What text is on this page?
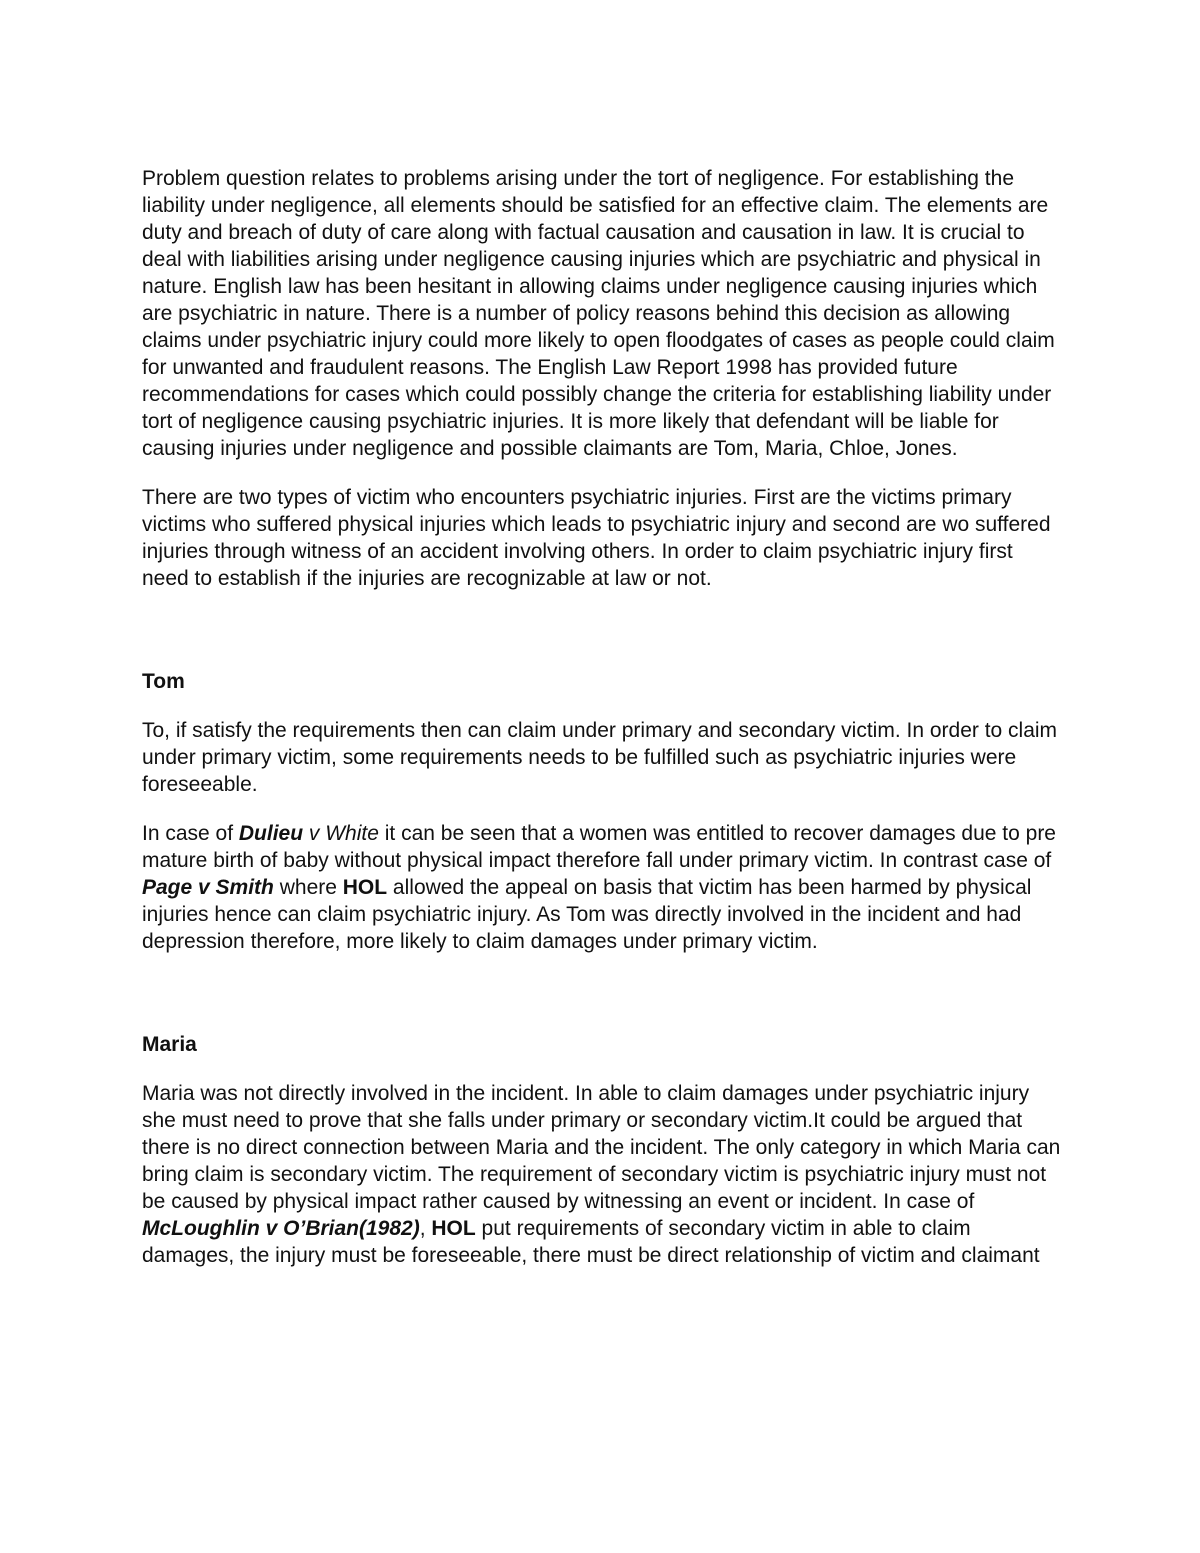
Problem question relates to problems arising under the tort of negligence. For establishing the liability under negligence, all elements should be satisfied for an effective claim. The elements are duty and breach of duty of care along with factual causation and causation in law. It is crucial to deal with liabilities arising under negligence causing injuries which are psychiatric and physical in nature. English law has been hesitant in allowing claims under negligence causing injuries which are psychiatric in nature. There is a number of policy reasons behind this decision as allowing claims under psychiatric injury could more likely to open floodgates of cases as people could claim for unwanted and fraudulent reasons. The English Law Report 1998 has provided future recommendations for cases which could possibly change the criteria for establishing liability under tort of negligence causing psychiatric injuries. It is more likely that defendant will be liable for causing injuries under negligence and possible claimants are Tom, Maria, Chloe, Jones.

There are two types of victim who encounters psychiatric injuries. First are the victims primary victims who suffered physical injuries which leads to psychiatric injury and second are wo suffered injuries through witness of an accident involving others. In order to claim psychiatric injury first need to establish if the injuries are recognizable at law or not.

Tom

To, if satisfy the requirements then can claim under primary and secondary victim. In order to claim under primary victim, some requirements needs to be fulfilled such as psychiatric injuries were foreseeable.

In case of Dulieu v White it can be seen that a women was entitled to recover damages due to pre mature birth of baby without physical impact therefore fall under primary victim. In contrast case of Page v Smith where HOL allowed the appeal on basis that victim has been harmed by physical injuries hence can claim psychiatric injury. As Tom was directly involved in the incident and had depression therefore, more likely to claim damages under primary victim.

Maria

Maria was not directly involved in the incident. In able to claim damages under psychiatric injury she must need to prove that she falls under primary or secondary victim.It could be argued that there is no direct connection between Maria and the incident. The only category in which Maria can bring claim is secondary victim. The requirement of secondary victim is psychiatric injury must not be caused by physical impact rather caused by witnessing an event or incident. In case of McLoughlin v O’Brian(1982), HOL put requirements of secondary victim in able to claim damages, the injury must be foreseeable, there must be direct relationship of victim and claimant
